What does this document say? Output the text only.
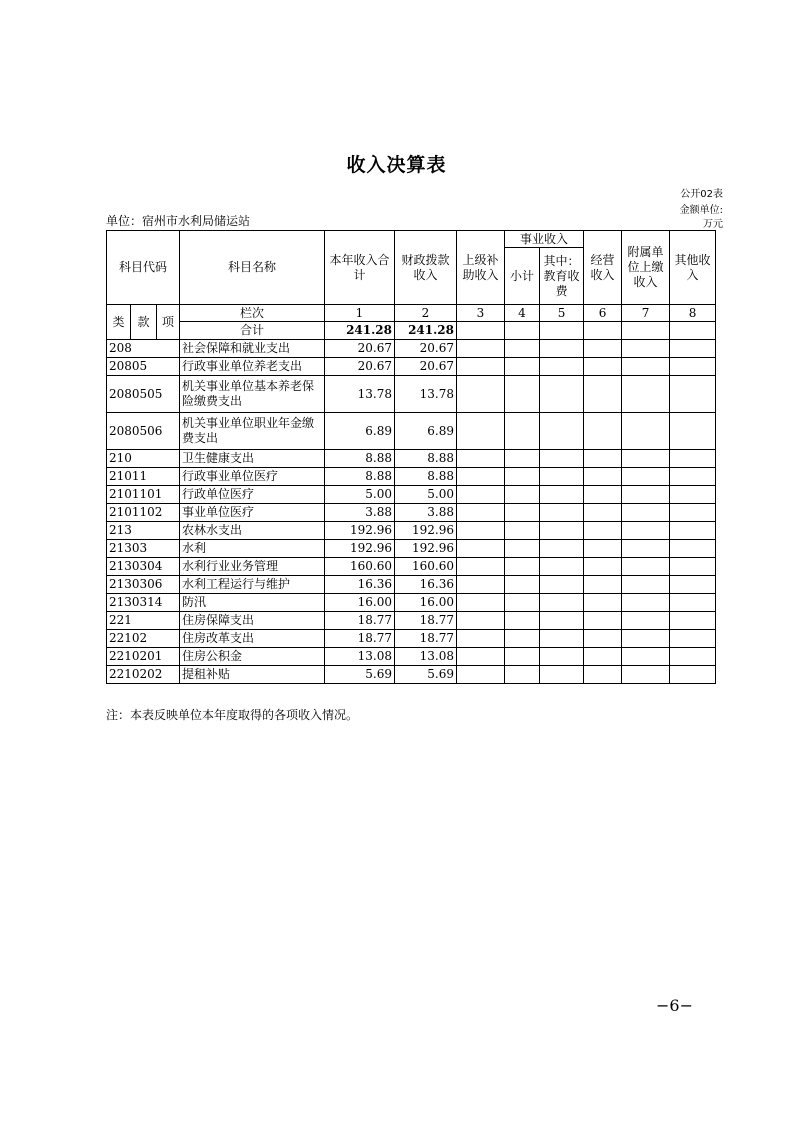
收入决算表
公开02表
金额单位:
万元
单位：宿州市水利局储运站
科目代码			科目名称	本年收入合计	财政拨款收入	上级补助收入	事业收入		经营收入	附属单位上缴收入	其他收入
							小计	其中：教育收费			

类	款	项	栏次	1	2	3	4	5	6	7	8
			合计	241.28	241.28						
208			社会保障和就业支出	20.67	20.67						
20805			行政事业单位养老支出	20.67	20.67						
2080505			机关事业单位基本养老保险缴费支出	13.78	13.78						
2080506			机关事业单位职业年金缴费支出	6.89	6.89						
210			卫生健康支出	8.88	8.88						
21011			行政事业单位医疗	8.88	8.88						
2101101			行政单位医疗	5.00	5.00						
2101102			事业单位医疗	3.88	3.88						
213			农林水支出	192.96	192.96						
21303			水利	192.96	192.96						
2130304			水利行业业务管理	160.60	160.60						
2130306			水利工程运行与维护	16.36	16.36						
2130314			防汛	16.00	16.00						
221			住房保障支出	18.77	18.77						
22102			住房改革支出	18.77	18.77						
2210201			住房公积金	13.08	13.08						
2210202			提租补贴	5.69	5.69						
注：本表反映单位本年度取得的各项收入情况。
−6−
